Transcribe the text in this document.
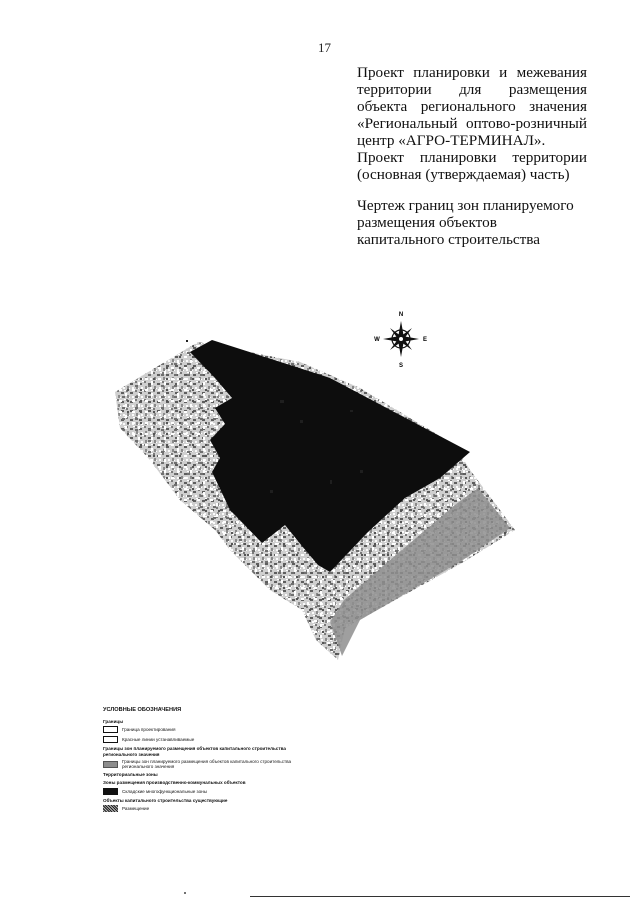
17

Проект планировки и межевания территории для размещения объекта регионального значения «Региональный оптово-розничный центр «АГРО-ТЕРМИНАЛ».

Проект планировки территории (основная (утверждаемая) часть)

Чертеж границ зон планируемого размещения объектов капитального строительства

N
S
W	E
УСЛОВНЫЕ ОБОЗНАЧЕНИЯ
Границы
Граница проектирования
Красные линии устанавливаемые
Границы зон планируемого размещения объектов капитального строительства регионального значения
Границы зон планируемого размещения объектов капитального строительства регионального значения
Территориальные зоны
Зоны размещения производственно-коммунальных объектов
Складские многофункциональные зоны
Объекты капитального строительства существующие
Размещение
